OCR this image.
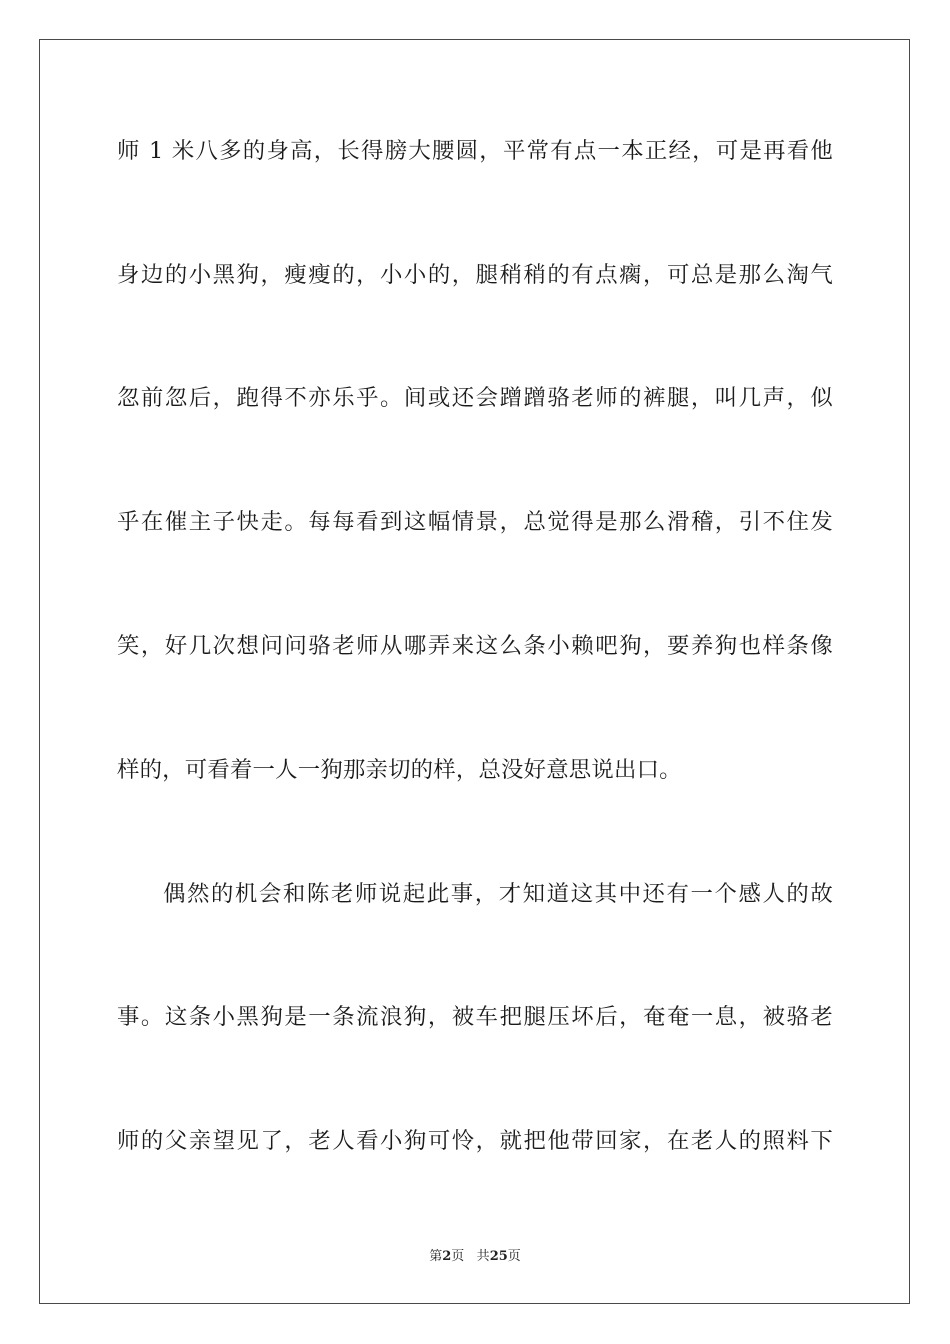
师 1 米八多的身高，长得膀大腰圆，平常有点一本正经，可是再看他
身边的小黑狗，瘦瘦的，小小的，腿稍稍的有点瘸，可总是那么淘气
忽前忽后，跑得不亦乐乎。间或还会蹭蹭骆老师的裤腿，叫几声，似
乎在催主子快走。每每看到这幅情景，总觉得是那么滑稽，引不住发
笑，好几次想问问骆老师从哪弄来这么条小赖吧狗，要养狗也样条像
样的，可看着一人一狗那亲切的样，总没好意思说出口。
偶然的机会和陈老师说起此事，才知道这其中还有一个感人的故
事。这条小黑狗是一条流浪狗，被车把腿压坏后，奄奄一息，被骆老
师的父亲望见了，老人看小狗可怜，就把他带回家，在老人的照料下
第2页 共25页
